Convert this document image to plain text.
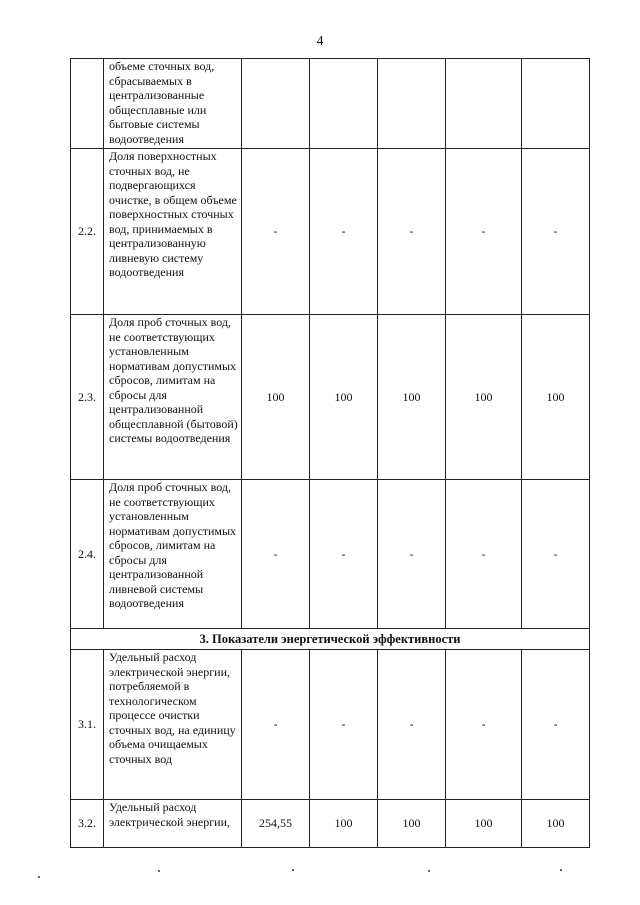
4
	объеме сточных вод, сбрасываемых в централизованные общесплавные или бытовые системы водоотведения					
2.2.	Доля поверхностных сточных вод, не подвергающихся очистке, в общем объеме поверхностных сточных вод, принимаемых в централизованную ливневую систему водоотведения	-	-	-	-	-
2.3.	Доля проб сточных вод, не соответствующих установленным нормативам допустимых сбросов, лимитам на сбросы для централизованной общесплавной (бытовой) системы водоотведения	100	100	100	100	100
2.4.	Доля проб сточных вод, не соответствующих установленным нормативам допустимых сбросов, лимитам на сбросы для централизованной ливневой системы водоотведения	-	-	-	-	-
3. Показатели энергетической эффективности						
3.1.	Удельный расход электрической энергии, потребляемой в технологическом процессе очистки сточных вод, на единицу объема очищаемых сточных вод	-	-	-	-	-
3.2.	Удельный расход электрической энергии,	254,55	100	100	100	100
